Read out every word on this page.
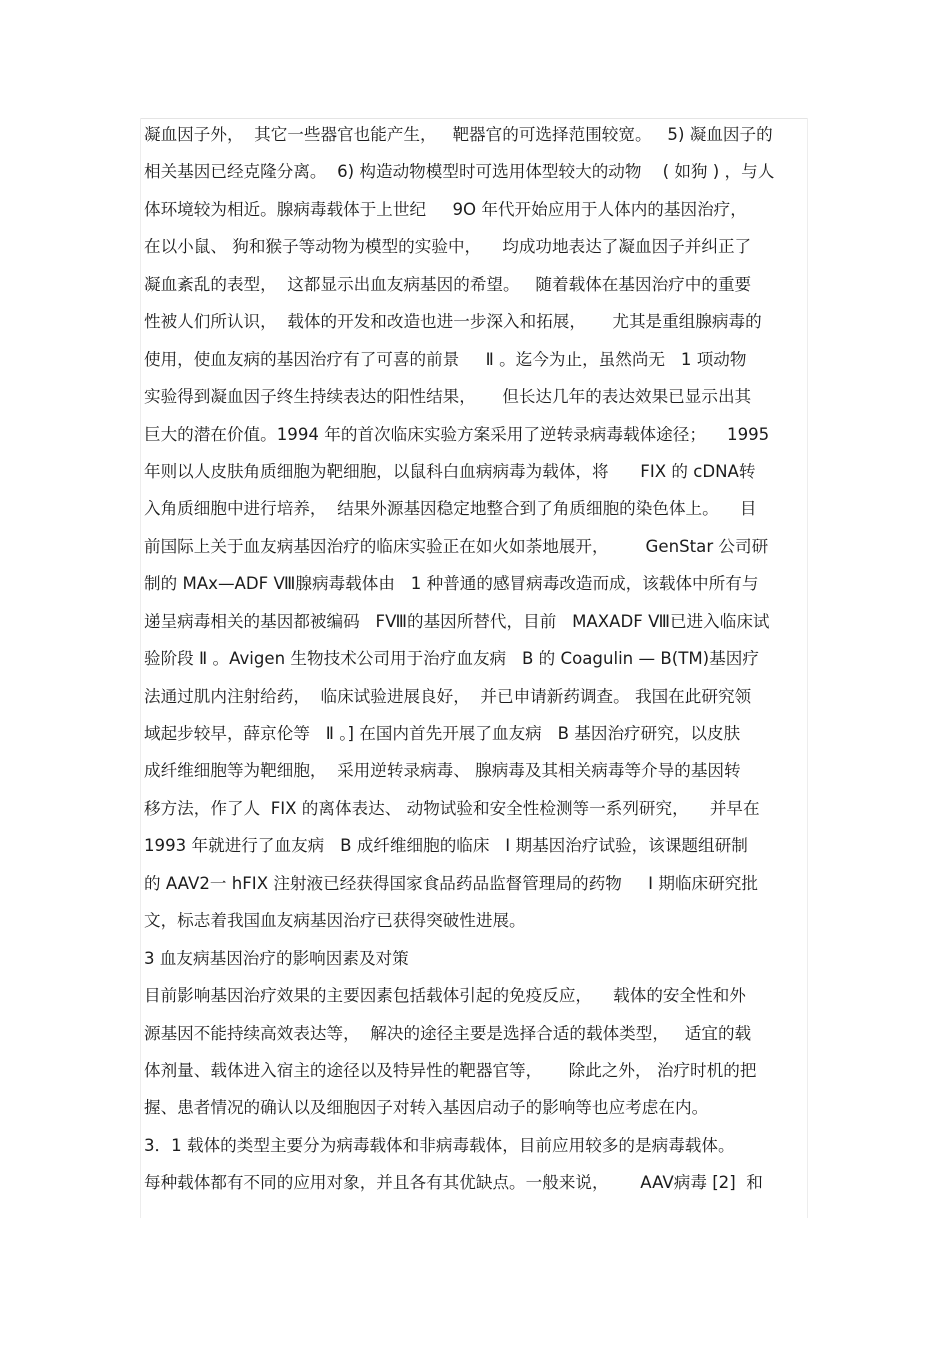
凝血因子外，  其它一些器官也能产生，   靶器官的可选择范围较宽。   5) 凝血因子的
相关基因已经克隆分离。  6) 构造动物模型时可选用体型较大的动物    ( 如狗 ) ，与人
体环境较为相近。腺病毒载体于上世纪     9O 年代开始应用于人体内的基因治疗，
在以小鼠、 狗和猴子等动物为模型的实验中，    均成功地表达了凝血因子并纠正了
凝血紊乱的表型，  这都显示出血友病基因的希望。   随着载体在基因治疗中的重要
性被人们所认识，  载体的开发和改造也进一步深入和拓展，     尤其是重组腺病毒的
使用，使血友病的基因治疗有了可喜的前景     Ⅱ 。迄今为止，虽然尚无   1 项动物
实验得到凝血因子终生持续表达的阳性结果，     但长达几年的表达效果已显示出其
巨大的潜在价值。1994 年的首次临床实验方案采用了逆转录病毒载体途径；    1995
年则以人皮肤角质细胞为靶细胞，以鼠科白血病病毒为载体，将      FIX 的 cDNA转
入角质细胞中进行培养，  结果外源基因稳定地整合到了角质细胞的染色体上。    目
前国际上关于血友病基因治疗的临床实验正在如火如荼地展开，       GenStar 公司研
制的 MAx—ADF Ⅷ腺病毒载体由   1 种普通的感冒病毒改造而成，该载体中所有与
递呈病毒相关的基因都被编码   FⅧ的基因所替代，目前   MAXADF Ⅷ已进入临床试
验阶段 Ⅱ 。Avigen 生物技术公司用于治疗血友病   B 的 Coagulin — B(TM)基因疗
法通过肌内注射给药，  临床试验进展良好，  并已申请新药调查。 我国在此研究领
域起步较早，薛京伦等   Ⅱ 。] 在国内首先开展了血友病   B 基因治疗研究，以皮肤
成纤维细胞等为靶细胞，  采用逆转录病毒、 腺病毒及其相关病毒等介导的基因转
移方法，作了人  FIX 的离体表达、 动物试验和安全性检测等一系列研究，    并早在
1993 年就进行了血友病   B 成纤维细胞的临床   I 期基因治疗试验，该课题组研制
的 AAV2一 hFIX 注射液已经获得国家食品药品监督管理局的药物     I 期临床研究批
文，标志着我国血友病基因治疗已获得突破性进展。
3 血友病基因治疗的影响因素及对策
目前影响基因治疗效果的主要因素包括载体引起的免疫反应，    载体的安全性和外
源基因不能持续高效表达等，  解决的途径主要是选择合适的载体类型，   适宜的载
体剂量、载体进入宿主的途径以及特异性的靶器官等，     除此之外， 治疗时机的把
握、患者情况的确认以及细胞因子对转入基因启动子的影响等也应考虑在内。
3．1 载体的类型主要分为病毒载体和非病毒载体，目前应用较多的是病毒载体。
每种载体都有不同的应用对象，并且各有其优缺点。一般来说，      AAV病毒 [2]  和
